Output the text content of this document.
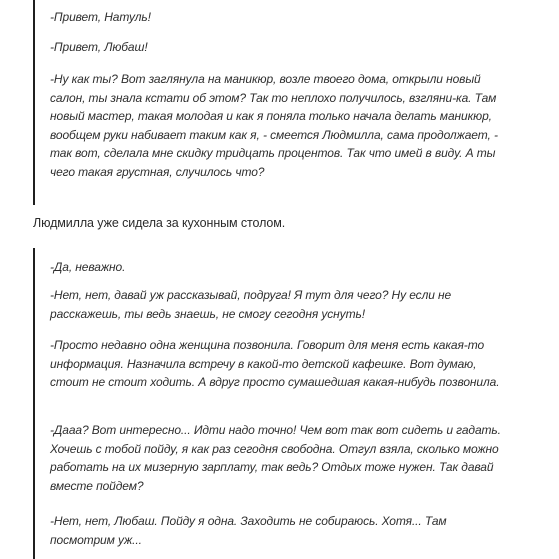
-Привет, Натуль!

-Привет, Любаш!

-Ну как ты? Вот заглянула на маникюр, возле твоего дома, открыли новый салон, ты знала кстати об этом? Так то неплохо получилось, взгляни-ка. Там новый мастер, такая молодая и как я поняла только начала делать маникюр, вообщем руки набивает таким как я, - смеется Людмилла, сама продолжает, - так вот, сделала мне скидку тридцать процентов. Так что имей в виду. А ты чего такая грустная, случилось что?

Людмилла уже сидела за кухонным столом.

-Да, неважно.

-Нет, нет, давай уж рассказывай, подруга! Я тут для чего? Ну если не расскажешь, ты ведь знаешь, не смогу сегодня уснуть!

-Просто недавно одна женщина позвонила. Говорит для меня есть какая-то информация. Назначила встречу в какой-то детской кафешке. Вот думаю, стоит не стоит ходить. А вдруг просто сумашедшая какая-нибудь позвонила.

-Дааа? Вот интересно... Идти надо точно! Чем вот так вот сидеть и гадать. Хочешь с тобой пойду, я как раз сегодня свободна. Отгул взяла, сколько можно работать на их мизерную зарплату, так ведь? Отдых тоже нужен. Так давай вместе пойдем?

-Нет, нет, Любаш. Пойду я одна. Заходить не собираюсь. Хотя... Там посмотрим уж...
